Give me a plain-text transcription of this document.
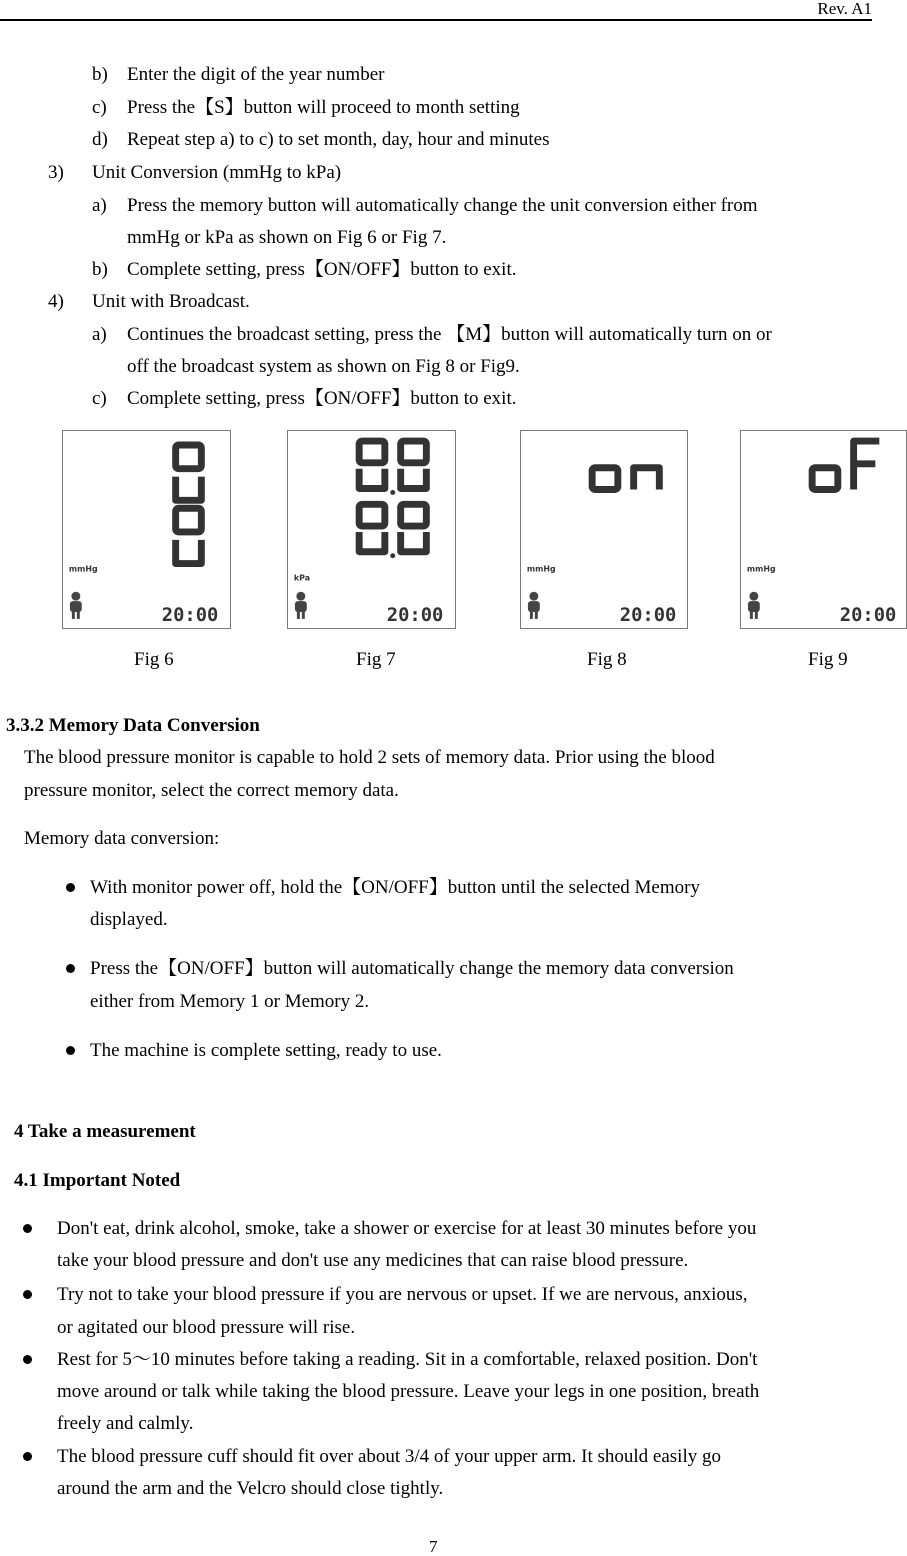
Rev. A1
b) Enter the digit of the year number
c) Press the【S】button will proceed to month setting
d) Repeat step a) to c) to set month, day, hour and minutes
3) Unit Conversion (mmHg to kPa)
a) Press the memory button will automatically change the unit conversion either from
mmHg or kPa as shown on Fig 6 or Fig 7.
b) Complete setting, press【ON/OFF】button to exit.
4) Unit with Broadcast.
a) Continues the broadcast setting, press the 【M】button will automatically turn on or
off the broadcast system as shown on Fig 8 or Fig9.
c) Complete setting, press【ON/OFF】button to exit.
mmHg
20:00
kPa
20:00
mmHg
20:00
mmHg
20:00
Fig 6	Fig 7	Fig 8	Fig 9
3.3.2 Memory Data Conversion
The blood pressure monitor is capable to hold 2 sets of memory data. Prior using the blood
pressure monitor, select the correct memory data.
Memory data conversion:
With monitor power off, hold the【ON/OFF】button until the selected Memory
displayed.
Press the【ON/OFF】button will automatically change the memory data conversion
either from Memory 1 or Memory 2.
The machine is complete setting, ready to use.
4 Take a measurement
4.1 Important Noted
Don't eat, drink alcohol, smoke, take a shower or exercise for at least 30 minutes before you
take your blood pressure and don't use any medicines that can raise blood pressure.
Try not to take your blood pressure if you are nervous or upset. If we are nervous, anxious,
or agitated our blood pressure will rise.
Rest for 5～10 minutes before taking a reading. Sit in a comfortable, relaxed position. Don't
move around or talk while taking the blood pressure. Leave your legs in one position, breath
freely and calmly.
The blood pressure cuff should fit over about 3/4 of your upper arm. It should easily go
around the arm and the Velcro should close tightly.
7
